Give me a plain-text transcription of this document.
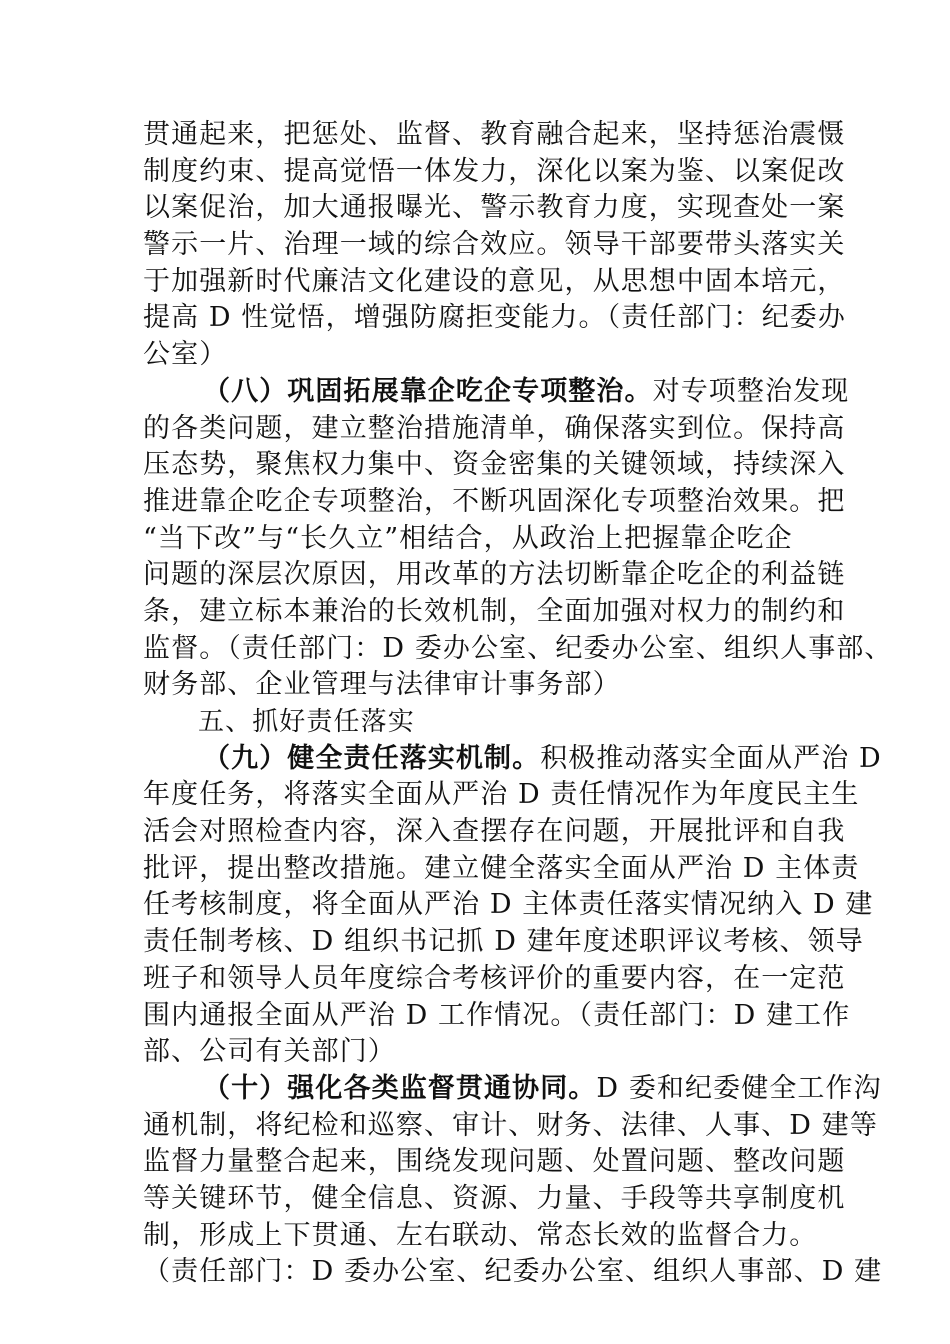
贯通起来，把惩处、监督、教育融合起来，坚持惩治震慑
制度约束、提高觉悟一体发力，深化以案为鉴、以案促改
以案促治，加大通报曝光、警示教育力度，实现查处一案
警示一片、治理一域的综合效应。领导干部要带头落实关
于加强新时代廉洁文化建设的意见，从思想中固本培元，
提高 D 性觉悟，增强防腐拒变能力。（责任部门：纪委办
公室）
（八）巩固拓展靠企吃企专项整治。对专项整治发现
的各类问题，建立整治措施清单，确保落实到位。保持高
压态势，聚焦权力集中、资金密集的关键领域，持续深入
推进靠企吃企专项整治，不断巩固深化专项整治效果。把
“当下改”与“长久立”相结合，从政治上把握靠企吃企
问题的深层次原因，用改革的方法切断靠企吃企的利益链
条，建立标本兼治的长效机制，全面加强对权力的制约和
监督。（责任部门：D 委办公室、纪委办公室、组织人事部、
财务部、企业管理与法律审计事务部）
五、抓好责任落实
（九）健全责任落实机制。积极推动落实全面从严治 D
年度任务，将落实全面从严治 D 责任情况作为年度民主生
活会对照检查内容，深入查摆存在问题，开展批评和自我
批评，提出整改措施。建立健全落实全面从严治 D 主体责
任考核制度，将全面从严治 D 主体责任落实情况纳入 D 建
责任制考核、D 组织书记抓 D 建年度述职评议考核、领导
班子和领导人员年度综合考核评价的重要内容，在一定范
围内通报全面从严治 D 工作情况。（责任部门：D 建工作
部、公司有关部门）
（十）强化各类监督贯通协同。D 委和纪委健全工作沟
通机制，将纪检和巡察、审计、财务、法律、人事、D 建等
监督力量整合起来，围绕发现问题、处置问题、整改问题
等关键环节，健全信息、资源、力量、手段等共享制度机
制，形成上下贯通、左右联动、常态长效的监督合力。
（责任部门：D 委办公室、纪委办公室、组织人事部、D 建
